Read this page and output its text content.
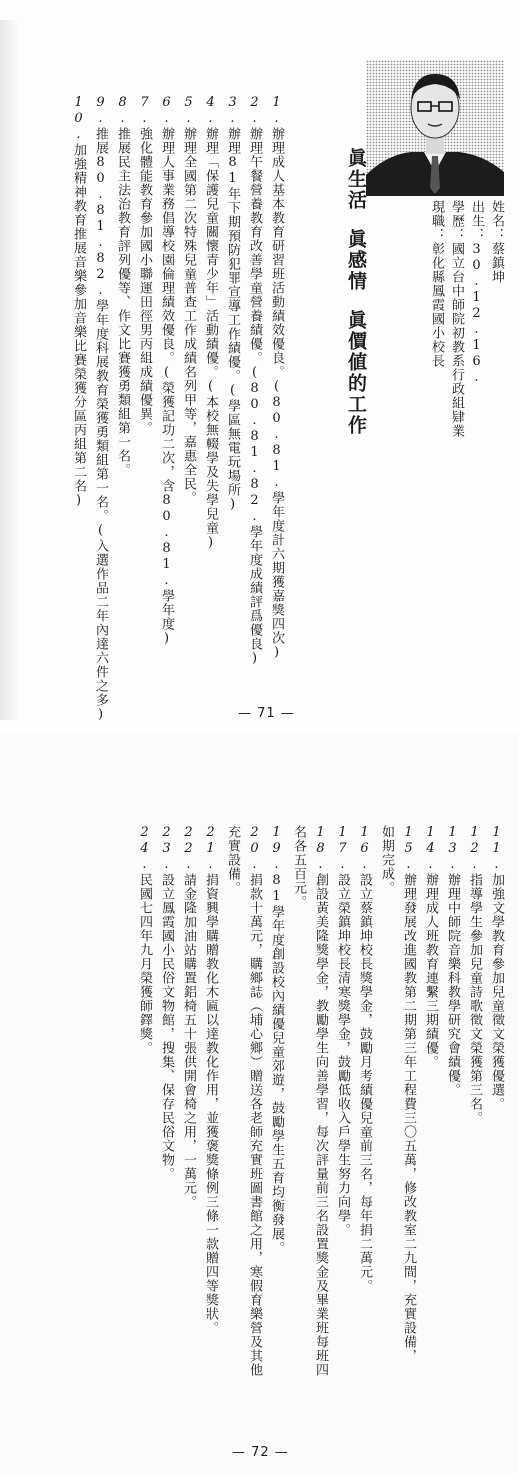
姓名：蔡鎮坤
出生：30.12.16.
學歷：國立台中師院初教系行政組肄業
現職：彰化縣鳳霞國小校長
眞生活眞感情眞價値的工作
1.辦理成人基本教育研習班活動績效優良。(80.81.學年度計六期獲嘉獎四次)
2.辦理午餐營養教育改善學童營養績優。(80.81.82.學年度成績評爲優良)
3.辦理81年下期預防犯罪宣導工作績優。(學區無電玩場所)
4.辦理「保護兒童關懷青少年」活動績優。(本校無輟學及失學兒童)
5.辦理全國第二次特殊兒童普查工作成績名列甲等，嘉惠全民。
6.辦理人事業務倡導校園倫理績效優良。(榮獲記功二次，含80.81.學年度)
7.強化體能教育參加國小聯運田徑男丙組成績優異。
8.推展民主法治教育評列優等、作文比賽獲勇類組第一名。
9.推展80.81.82.學年度科展教育榮獲勇類組第一名。(入選作品二年內達六件之多)
10.加強精神教育推展音樂參加音樂比賽榮獲分區丙組第二名)
— 71 —
11.加強文學教育參加兒童徵文榮獲優選。
12.指導學生參加兒童詩歌徵文榮獲第三名。
13.辦理中師院音樂科教學研究會績優。
14.辦理成人班教育連繫三期績優。
15.辦理發展改進國教第二期第三年工程費三〇五萬，修改教室二九間，充實設備，
如期完成。
16.設立蔡鎮坤校長獎學金，鼓勵月考績優兒童前三名，每年捐二萬元。
17.設立榮鎮坤校長清寒獎學金，鼓勵低收入戶學生努力向學。
18.創設黃美隆獎學金，教勵學生向善學習，每次評量前三名設置獎金及畢業班每班四
名各五百元。
19.81學年度創設校內績優兒童郊遊，鼓勵學生五育均衡發展。
20.捐款十萬元，購鄉誌（埔心鄉）贈送各老師充實班圖書館之用，寒假育樂營及其他
充實設備。
21.捐資興學購贈教化木匾以達教化作用，並獲褒獎條例三條一款贈四等獎狀。
22.請金隆加油站購置鋁椅五十張供開會椅之用，一萬元。
23.設立鳳霞國小民俗文物館，搜集、保存民俗文物。
24.民國七四年九月榮獲師鐸獎。
— 72 —
